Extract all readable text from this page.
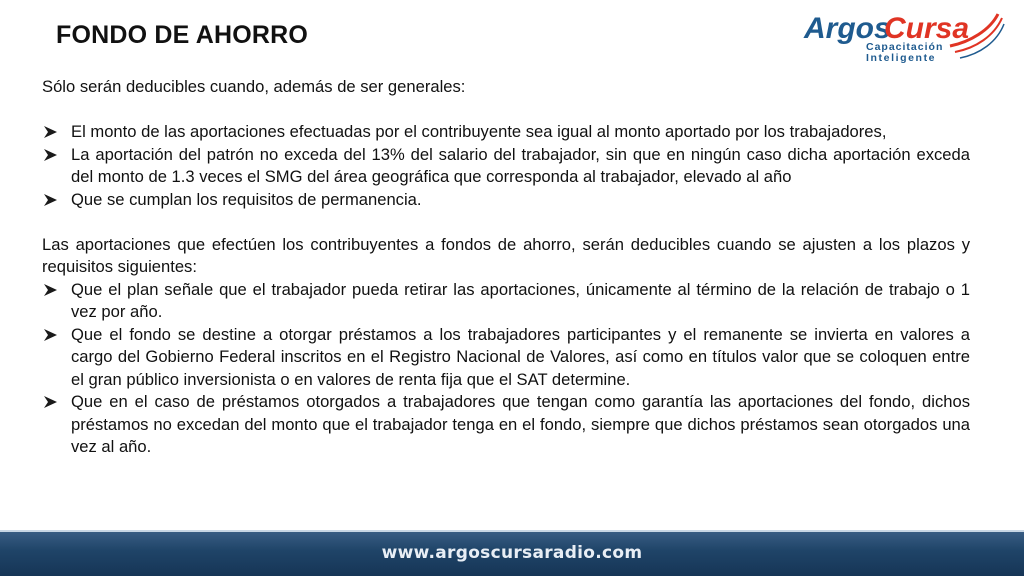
FONDO DE AHORRO	Argos
Cursa
Capacitación
Inteligente

Sólo serán deducibles cuando, además de ser generales:

El monto de las aportaciones efectuadas por el contribuyente sea igual al monto aportado por los trabajadores,
La aportación del patrón no exceda del 13% del salario del trabajador, sin que en ningún caso dicha aportación exceda del monto de 1.3 veces el SMG del área geográfica que corresponda al trabajador, elevado al año
Que se cumplan los requisitos de permanencia.

Las aportaciones que efectúen los contribuyentes a fondos de ahorro, serán deducibles cuando se ajusten a los plazos y requisitos siguientes:

Que el plan señale que el trabajador pueda retirar las aportaciones, únicamente al término de la relación de trabajo o 1 vez por año.
Que el fondo se destine a otorgar préstamos a los trabajadores participantes y el remanente se invierta en valores a cargo del Gobierno Federal inscritos en el Registro Nacional de Valores, así como en títulos valor que se coloquen entre el gran público inversionista o en valores de renta fija que el SAT determine.
Que en el caso de préstamos otorgados a trabajadores que tengan como garantía las aportaciones del fondo, dichos préstamos no excedan del monto que el trabajador tenga en el fondo, siempre que dichos préstamos sean otorgados una vez al año.
www.argoscursaradio.com
